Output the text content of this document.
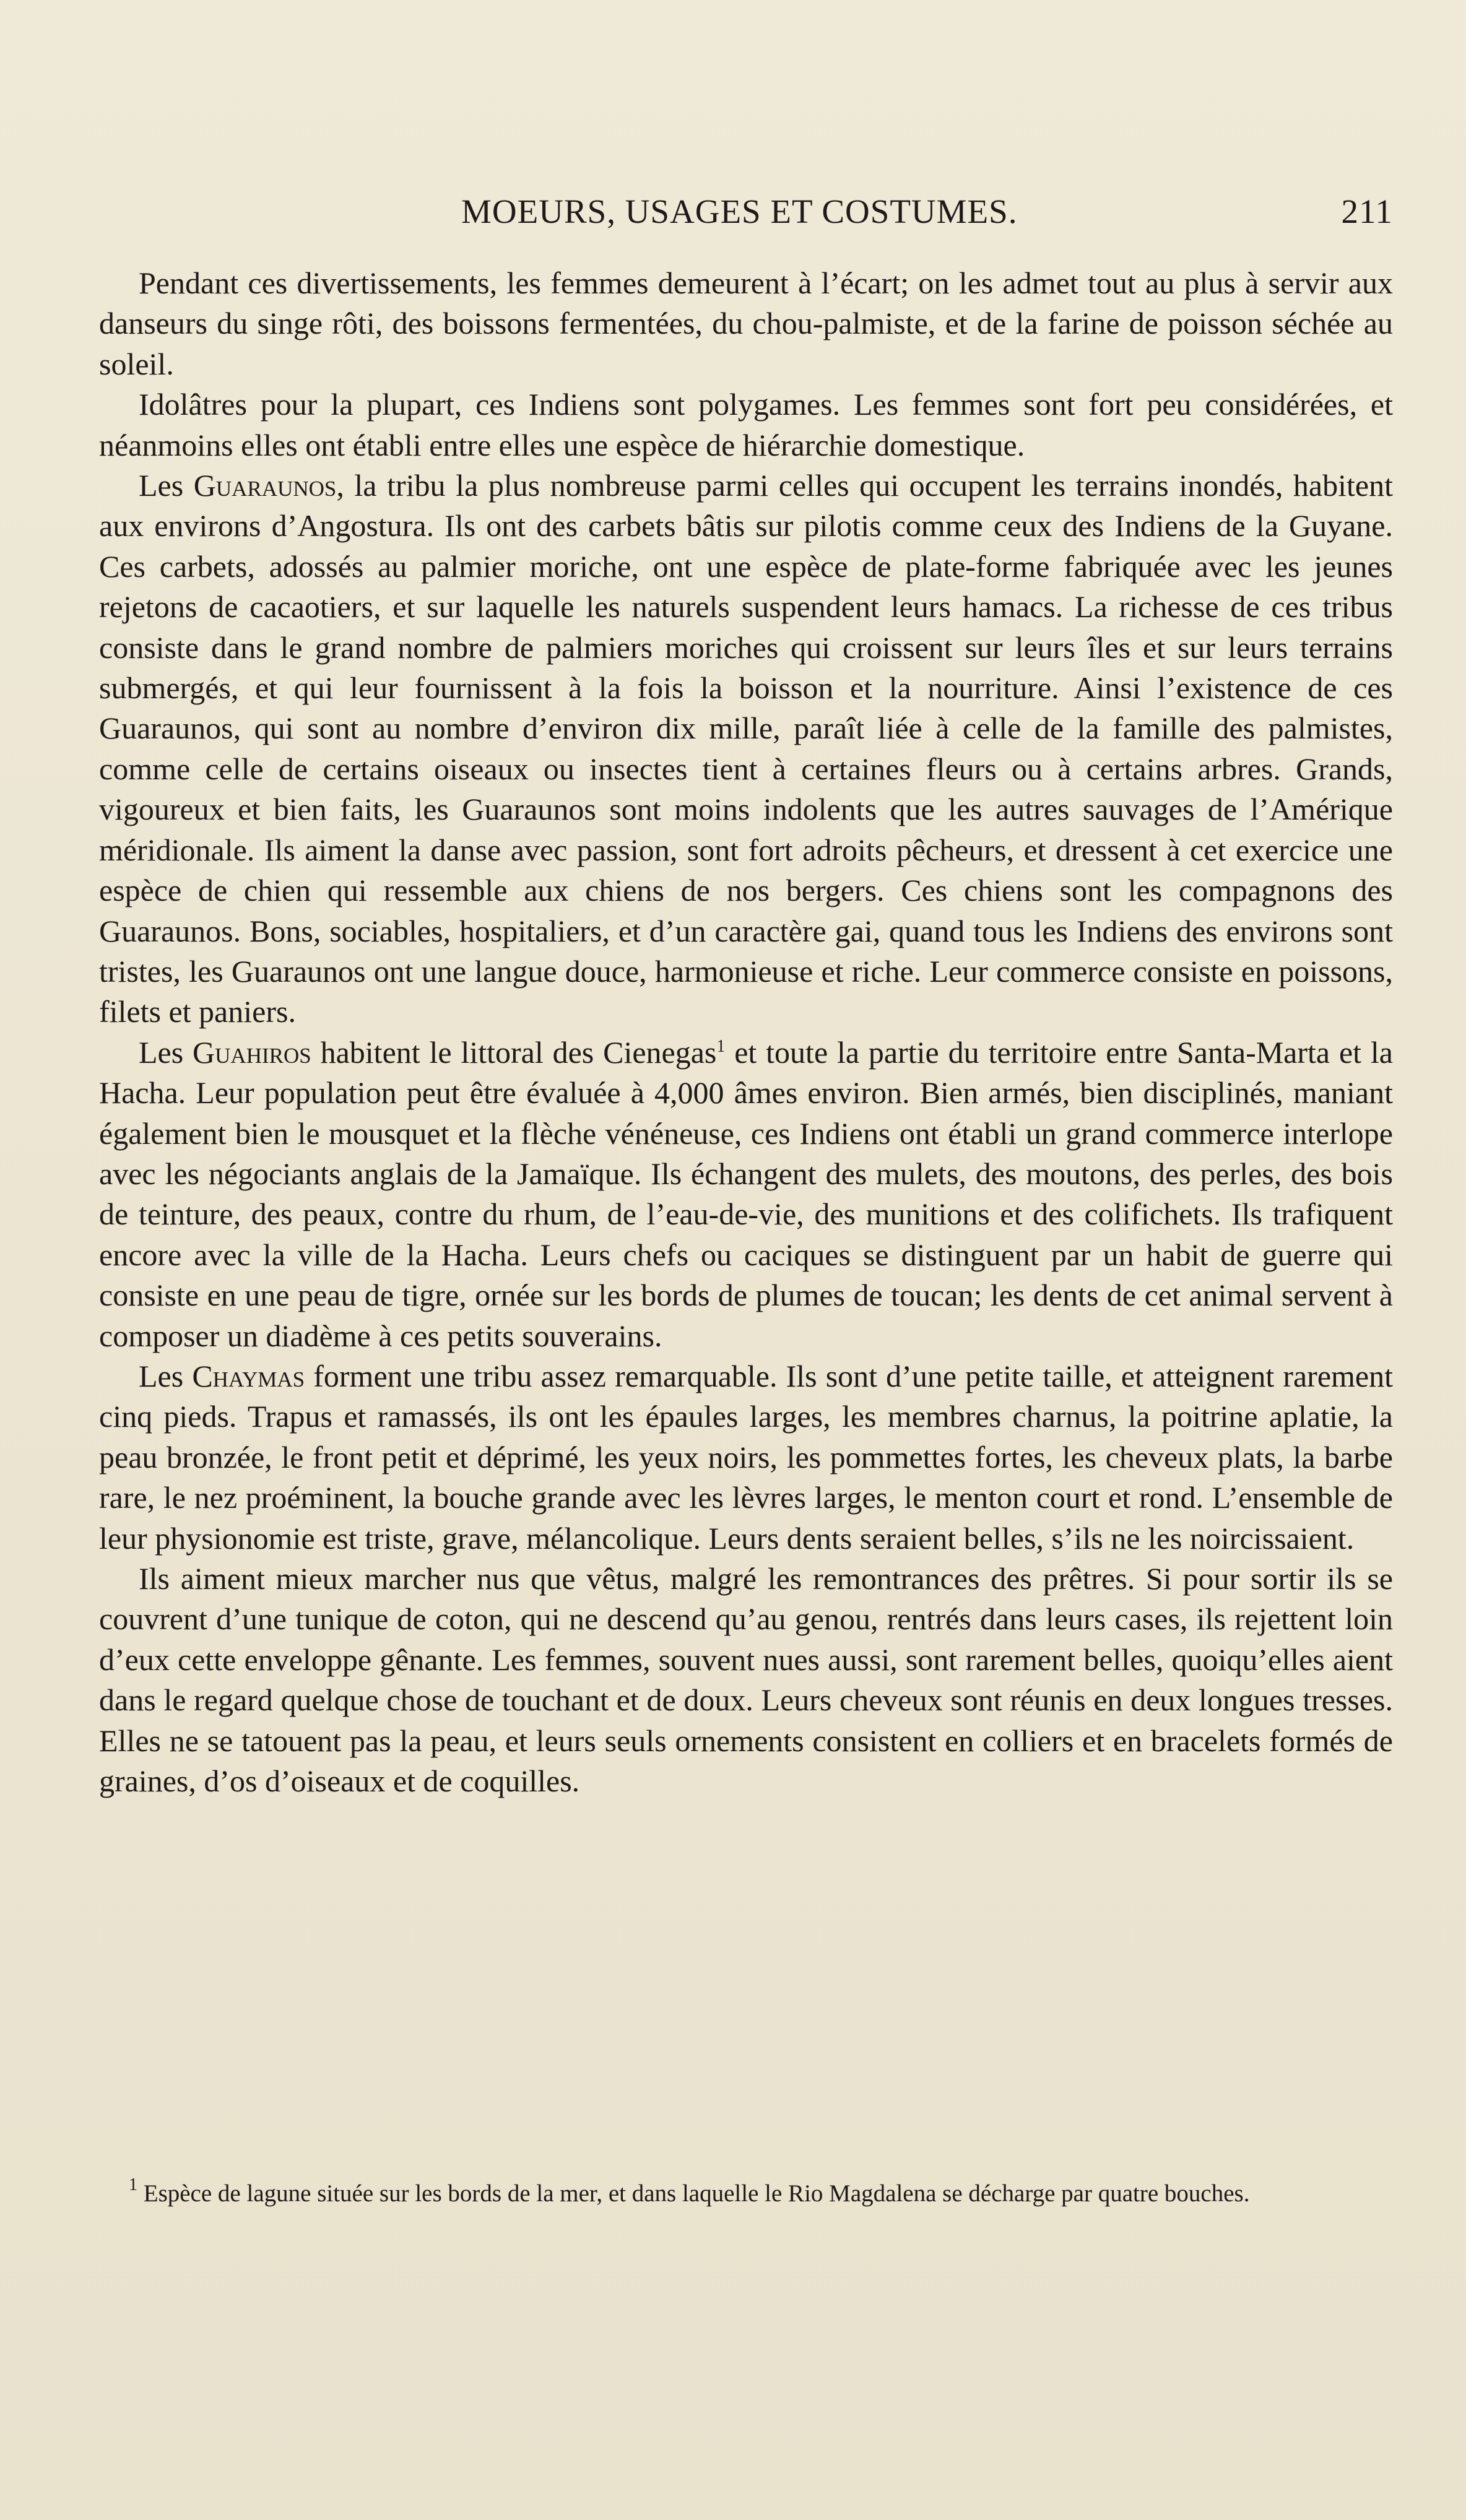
MOEURS, USAGES ET COSTUMES.	211

Pendant ces divertissements, les femmes demeurent à l’écart; on les admet tout au plus à servir aux danseurs du singe rôti, des boissons fermentées, du chou-palmiste, et de la farine de poisson séchée au soleil.

Idolâtres pour la plupart, ces Indiens sont polygames. Les femmes sont fort peu considérées, et néanmoins elles ont établi entre elles une espèce de hiérarchie domestique.

Les Guaraunos, la tribu la plus nombreuse parmi celles qui occupent les terrains inondés, habitent aux environs d’Angostura. Ils ont des carbets bâtis sur pilotis comme ceux des Indiens de la Guyane. Ces carbets, adossés au palmier moriche, ont une espèce de plate-forme fabriquée avec les jeunes rejetons de cacaotiers, et sur laquelle les naturels suspendent leurs hamacs. La richesse de ces tribus consiste dans le grand nombre de palmiers moriches qui croissent sur leurs îles et sur leurs terrains submergés, et qui leur fournissent à la fois la boisson et la nourriture. Ainsi l’existence de ces Guaraunos, qui sont au nombre d’environ dix mille, paraît liée à celle de la famille des palmistes, comme celle de certains oiseaux ou insectes tient à certaines fleurs ou à certains arbres. Grands, vigoureux et bien faits, les Guaraunos sont moins indolents que les autres sauvages de l’Amérique méridionale. Ils aiment la danse avec passion, sont fort adroits pêcheurs, et dressent à cet exercice une espèce de chien qui ressemble aux chiens de nos bergers. Ces chiens sont les compagnons des Guaraunos. Bons, sociables, hospitaliers, et d’un caractère gai, quand tous les Indiens des environs sont tristes, les Guaraunos ont une langue douce, harmonieuse et riche. Leur commerce consiste en poissons, filets et paniers.

Les Guahiros habitent le littoral des Cienegas$^1$ et toute la partie du territoire entre Santa-Marta et la Hacha. Leur population peut être évaluée à 4,000 âmes environ. Bien armés, bien disciplinés, maniant également bien le mousquet et la flèche vénéneuse, ces Indiens ont établi un grand commerce interlope avec les négociants anglais de la Jamaïque. Ils échangent des mulets, des moutons, des perles, des bois de teinture, des peaux, contre du rhum, de l’eau-de-vie, des munitions et des colifichets. Ils trafiquent encore avec la ville de la Hacha. Leurs chefs ou caciques se distinguent par un habit de guerre qui consiste en une peau de tigre, ornée sur les bords de plumes de toucan; les dents de cet animal servent à composer un diadème à ces petits souverains.

Les Chaymas forment une tribu assez remarquable. Ils sont d’une petite taille, et atteignent rarement cinq pieds. Trapus et ramassés, ils ont les épaules larges, les membres charnus, la poitrine aplatie, la peau bronzée, le front petit et déprimé, les yeux noirs, les pommettes fortes, les cheveux plats, la barbe rare, le nez proéminent, la bouche grande avec les lèvres larges, le menton court et rond. L’ensemble de leur physionomie est triste, grave, mélancolique. Leurs dents seraient belles, s’ils ne les noircissaient.

Ils aiment mieux marcher nus que vêtus, malgré les remontrances des prêtres. Si pour sortir ils se couvrent d’une tunique de coton, qui ne descend qu’au genou, rentrés dans leurs cases, ils rejettent loin d’eux cette enveloppe gênante. Les femmes, souvent nues aussi, sont rarement belles, quoiqu’elles aient dans le regard quelque chose de touchant et de doux. Leurs cheveux sont réunis en deux longues tresses. Elles ne se tatouent pas la peau, et leurs seuls ornements consistent en colliers et en bracelets formés de graines, d’os d’oiseaux et de coquilles.

$^1$ Espèce de lagune située sur les bords de la mer, et dans laquelle le Rio Magdalena se décharge par quatre bouches.
